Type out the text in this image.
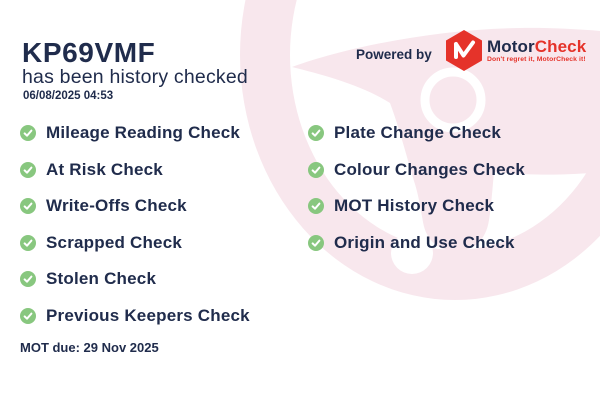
KP69VMF
has been history checked
06/08/2025 04:53
Powered by	MotorCheck
Don't regret it, MotorCheck it!
Mileage Reading Check
At Risk Check
Write-Offs Check
Scrapped Check
Stolen Check
Previous Keepers Check
Plate Change Check
Colour Changes Check
MOT History Check
Origin and Use Check
MOT due: 29 Nov 2025
